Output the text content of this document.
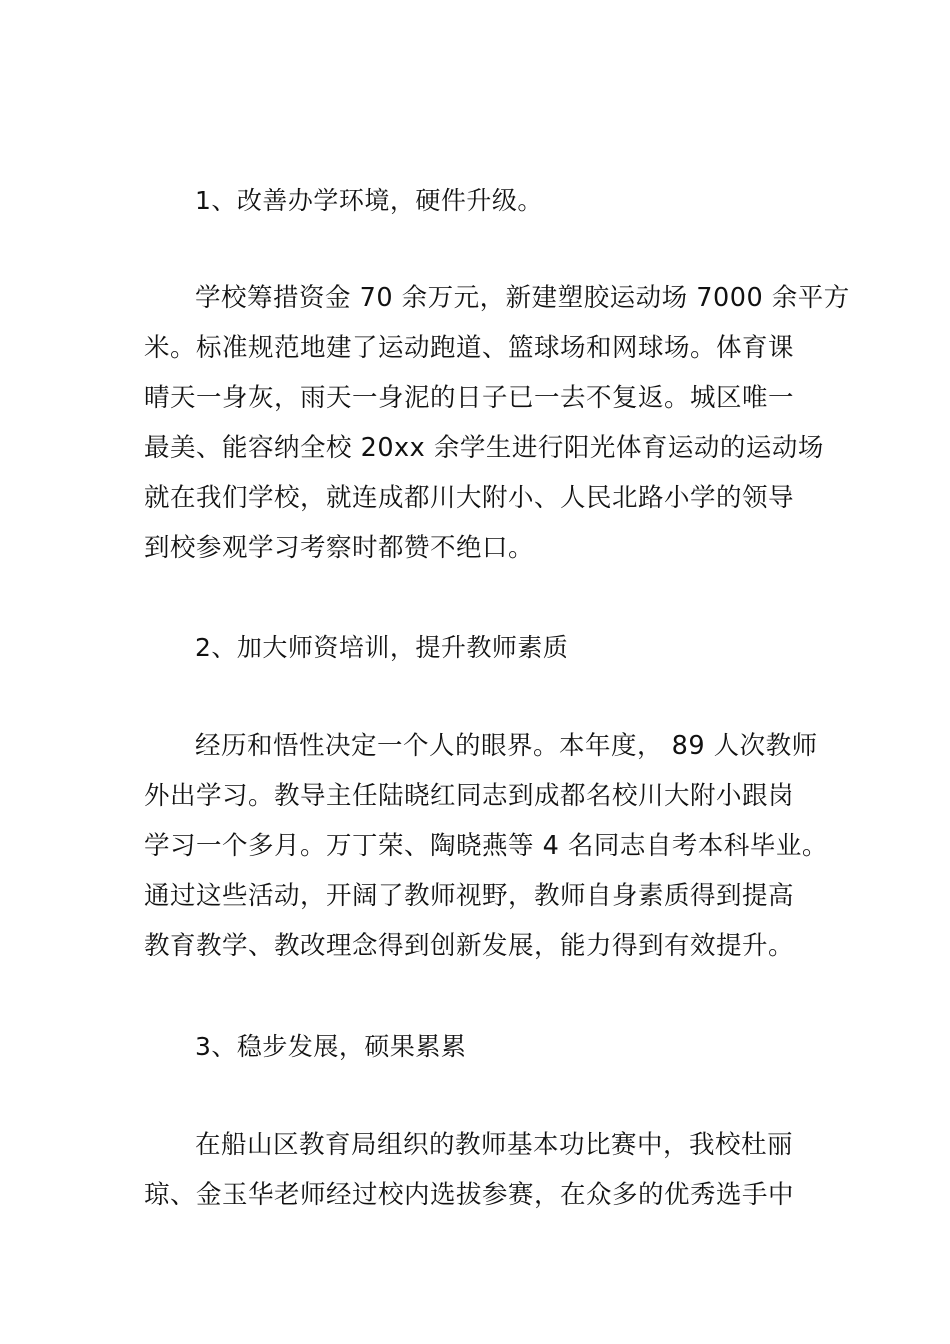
1、改善办学环境，硬件升级。
学校筹措资金 70 余万元，新建塑胶运动场 7000 余平方
米。标准规范地建了运动跑道、篮球场和网球场。体育课
晴天一身灰，雨天一身泥的日子已一去不复返。城区唯一
最美、能容纳全校 20xx 余学生进行阳光体育运动的运动场
就在我们学校，就连成都川大附小、人民北路小学的领导
到校参观学习考察时都赞不绝口。
2、加大师资培训，提升教师素质
经历和悟性决定一个人的眼界。本年度， 89 人次教师
外出学习。教导主任陆晓红同志到成都名校川大附小跟岗
学习一个多月。万丁荣、陶晓燕等 4 名同志自考本科毕业。
通过这些活动，开阔了教师视野，教师自身素质得到提高
教育教学、教改理念得到创新发展，能力得到有效提升。
3、稳步发展，硕果累累
在船山区教育局组织的教师基本功比赛中，我校杜丽
琼、金玉华老师经过校内选拔参赛，在众多的优秀选手中
